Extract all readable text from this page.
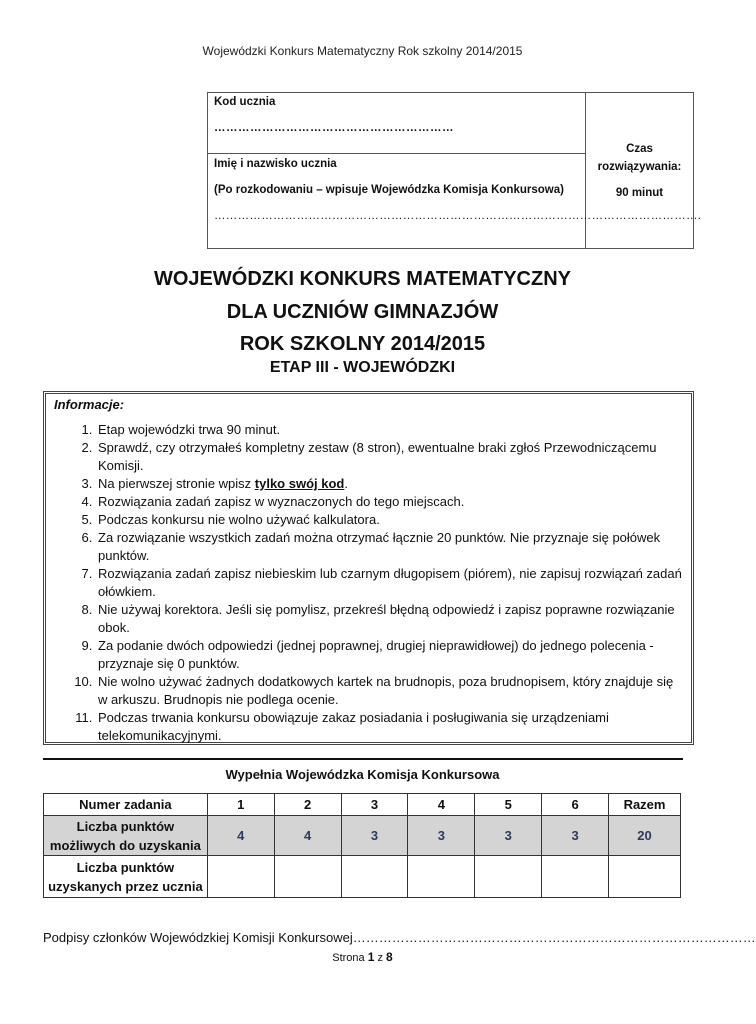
Wojewódzki Konkurs Matematyczny Rok szkolny 2014/2015
Kod ucznia
……………………………………………………
Imię i nazwisko ucznia
(Po rozkodowaniu – wpisuje Wojewódzka Komisja Konkursowa)
…………………………………………………………………………………………………………….
Czas
rozwiązywania:
90 minut
WOJEWÓDZKI KONKURS MATEMATYCZNY
DLA UCZNIÓW GIMNAZJÓW
ROK SZKOLNY 2014/2015
ETAP III - WOJEWÓDZKI
Informacje:
1. Etap wojewódzki trwa 90 minut.
2. Sprawdź, czy otrzymałeś kompletny zestaw (8 stron), ewentualne braki zgłoś Przewodniczącemu Komisji.
3. Na pierwszej stronie wpisz tylko swój kod.
4. Rozwiązania zadań zapisz w wyznaczonych do tego miejscach.
5. Podczas konkursu nie wolno używać kalkulatora.
6. Za rozwiązanie wszystkich zadań można otrzymać łącznie 20 punktów. Nie przyznaje się połówek punktów.
7. Rozwiązania zadań zapisz niebieskim lub czarnym długopisem (piórem), nie zapisuj rozwiązań zadań ołówkiem.
8. Nie używaj korektora. Jeśli się pomylisz, przekreśl błędną odpowiedź i zapisz poprawne rozwiązanie obok.
9. Za podanie dwóch odpowiedzi (jednej poprawnej, drugiej nieprawidłowej) do jednego polecenia - przyznaje się 0 punktów.
10. Nie wolno używać żadnych dodatkowych kartek na brudnopis, poza brudnopisem, który znajduje się w arkuszu. Brudnopis nie podlega ocenie.
11. Podczas trwania konkursu obowiązuje zakaz posiadania i posługiwania się urządzeniami telekomunikacyjnymi.
Wypełnia Wojewódzka Komisja Konkursowa
Numer zadania	1	2	3	4	5	6	Razem
Liczba punktów
możliwych do uzyskania	4	4	3	3	3	3	20
Liczba punktów
uzyskanych przez ucznia							
Podpisy członków Wojewódzkiej Komisji Konkursowej…………………………………………………………………………………
Strona 1 z 8
